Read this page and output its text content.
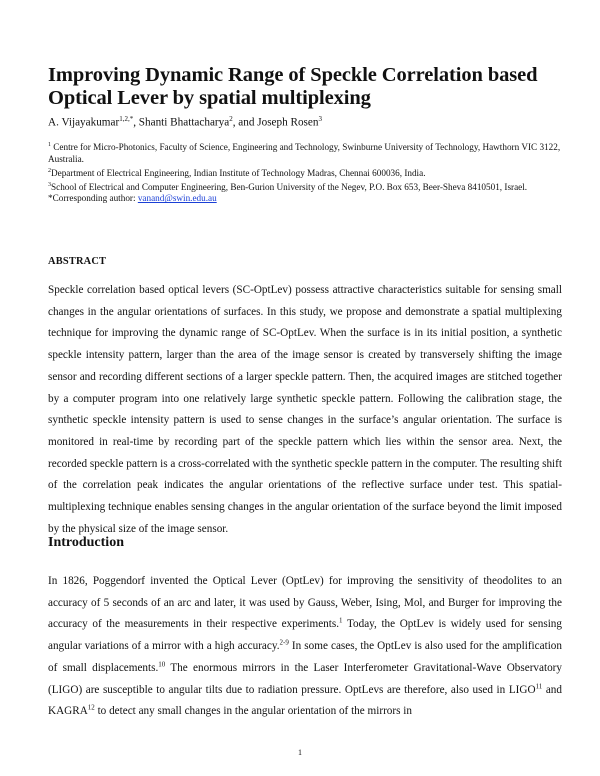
Improving Dynamic Range of Speckle Correlation based Optical Lever by spatial multiplexing
A. Vijayakumar$^{1,2,*}$, Shanti Bhattacharya$^2$, and Joseph Rosen$^3$
$^1$ Centre for Micro-Photonics, Faculty of Science, Engineering and Technology, Swinburne University of Technology, Hawthorn VIC 3122, Australia.
$^2$Department of Electrical Engineering, Indian Institute of Technology Madras, Chennai 600036, India.
$^3$School of Electrical and Computer Engineering, Ben-Gurion University of the Negev, P.O. Box 653, Beer-Sheva 8410501, Israel.
*Corresponding author: vanand@swin.edu.au
ABSTRACT
Speckle correlation based optical levers (SC-OptLev) possess attractive characteristics suitable for sensing small changes in the angular orientations of surfaces. In this study, we propose and demonstrate a spatial multiplexing technique for improving the dynamic range of SC-OptLev. When the surface is in its initial position, a synthetic speckle intensity pattern, larger than the area of the image sensor is created by transversely shifting the image sensor and recording different sections of a larger speckle pattern. Then, the acquired images are stitched together by a computer program into one relatively large synthetic speckle pattern. Following the calibration stage, the synthetic speckle intensity pattern is used to sense changes in the surface’s angular orientation. The surface is monitored in real-time by recording part of the speckle pattern which lies within the sensor area. Next, the recorded speckle pattern is a cross-correlated with the synthetic speckle pattern in the computer. The resulting shift of the correlation peak indicates the angular orientations of the reflective surface under test. This spatial-multiplexing technique enables sensing changes in the angular orientation of the surface beyond the limit imposed by the physical size of the image sensor.
Introduction
In 1826, Poggendorf invented the Optical Lever (OptLev) for improving the sensitivity of theodolites to an accuracy of 5 seconds of an arc and later, it was used by Gauss, Weber, Ising, Mol, and Burger for improving the accuracy of the measurements in their respective experiments.$^1$ Today, the OptLev is widely used for sensing angular variations of a mirror with a high accuracy.$^{2-9}$ In some cases, the OptLev is also used for the amplification of small displacements.$^{10}$ The enormous mirrors in the Laser Interferometer Gravitational-Wave Observatory (LIGO) are susceptible to angular tilts due to radiation pressure. OptLevs are therefore, also used in LIGO$^{11}$ and KAGRA$^{12}$ to detect any small changes in the angular orientation of the mirrors in
1
